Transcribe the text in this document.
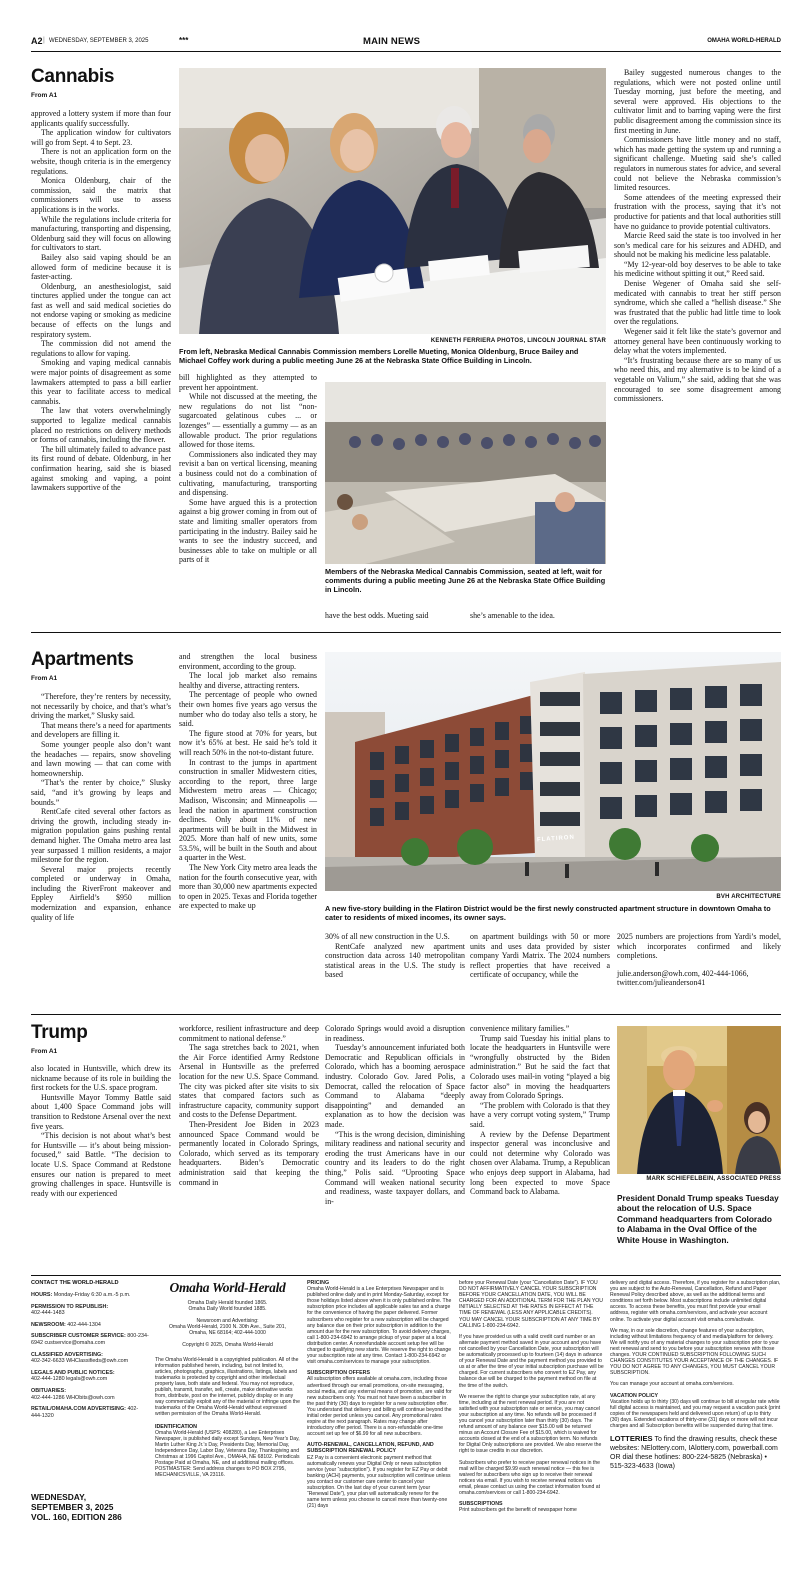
A2 | WEDNESDAY, SEPTEMBER 3, 2025	***	MAIN NEWS	OMAHA WORLD-HERALD
Cannabis
From A1

approved a lottery system if more than four applicants qualify successfully.

The application window for cultivators will go from Sept. 4 to Sept. 23.

There is not an application form on the website, though criteria is in the emergency regulations.

Monica Oldenburg, chair of the commission, said the matrix that commissioners will use to assess applications is in the works.

While the regulations include criteria for manufacturing, transporting and dispensing, Oldenburg said they will focus on allowing for cultivators to start.

Bailey also said vaping should be an allowed form of medicine because it is faster-acting.

Oldenburg, an anesthesiologist, said tinctures applied under the tongue can act fast as well and said medical societies do not endorse vaping or smoking as medicine because of effects on the lungs and respiratory system.

The commission did not amend the regulations to allow for vaping.

Smoking and vaping medical cannabis were major points of disagreement as some lawmakers attempted to pass a bill earlier this year to facilitate access to medical cannabis.

The law that voters overwhelmingly supported to legalize medical cannabis placed no restrictions on delivery methods or forms of cannabis, including the flower.

The bill ultimately failed to advance past its first round of debate. Oldenburg, in her confirmation hearing, said she is biased against smoking and vaping, a point lawmakers supportive of the

KENNETH FERRIERA PHOTOS, LINCOLN JOURNAL STAR
From left, Nebraska Medical Cannabis Commission members Lorelle Mueting, Monica Oldenburg, Bruce Bailey and Michael Coffey work during a public meeting June 26 at the Nebraska State Office Building in Lincoln.

bill highlighted as they attempted to prevent her appointment.

While not discussed at the meeting, the new regulations do not list “non-sugarcoated gelatinous cubes ... or lozenges” — essentially a gummy — as an allowable product. The prior regulations allowed for those items.

Commissioners also indicated they may revisit a ban on vertical licensing, meaning a business could not do a combination of cultivating, manufacturing, transporting and dispensing.

Some have argued this is a protection against a big grower coming in from out of state and limiting smaller operators from participating in the industry. Bailey said he wants to see the industry succeed, and businesses able to take on multiple or all parts of it

Members of the Nebraska Medical Cannabis Commission, seated at left, wait for comments during a public meeting June 26 at the Nebraska State Office Building in Lincoln.
have the best odds. Mueting said	she’s amenable to the idea.

Bailey suggested numerous changes to the regulations, which were not posted online until Tuesday morning, just before the meeting, and several were approved. His objections to the cultivator limit and to barring vaping were the first public disagreement among the commission since its first meeting in June.

Commissioners have little money and no staff, which has made getting the system up and running a significant challenge. Mueting said she’s called regulators in numerous states for advice, and several could not believe the Nebraska commission’s limited resources.

Some attendees of the meeting expressed their frustration with the process, saying that it’s not productive for patients and that local authorities still have no guidance to provide potential cultivators.

Marcie Reed said the state is too involved in her son’s medical care for his seizures and ADHD, and should not be making his medicine less palatable.

“My 12-year-old boy deserves to be able to take his medicine without spitting it out,” Reed said.

Denise Wegener of Omaha said she self-medicated with cannabis to treat her stiff person syndrome, which she called a “hellish disease.” She was frustrated that the public had little time to look over the regulations.

Wegener said it felt like the state’s governor and attorney general have been continuously working to delay what the voters implemented.

“It’s frustrating because there are so many of us who need this, and my alternative is to be kind of a vegetable on Valium,” she said, adding that she was encouraged to see some disagreement among commissioners.

Apartments
From A1

“Therefore, they’re renters by necessity, not necessarily by choice, and that’s what’s driving the market,” Slusky said.

That means there’s a need for apartments and developers are filling it.

Some younger people also don’t want the headaches — repairs, snow shoveling and lawn mowing — that can come with homeownership.

“That’s the renter by choice,” Slusky said, “and it’s growing by leaps and bounds.”

RentCafe cited several other factors as driving the growth, including steady in-migration population gains pushing rental demand higher. The Omaha metro area last year surpassed 1 million residents, a major milestone for the region.

Several major projects recently completed or underway in Omaha, including the RiverFront makeover and Eppley Airfield’s $950 million modernization and expansion, enhance quality of life

and strengthen the local business environment, according to the group.

The local job market also remains healthy and diverse, attracting renters.

The percentage of people who owned their own homes five years ago versus the number who do today also tells a story, he said.

The figure stood at 70% for years, but now it’s 65% at best. He said he’s told it will reach 50% in the not-to-distant future.

In contrast to the jumps in apartment construction in smaller Midwestern cities, according to the report, three large Midwestern metro areas — Chicago; Madison, Wisconsin; and Minneapolis — lead the nation in apartment construction declines. Only about 11% of new apartments will be built in the Midwest in 2025. More than half of new units, some 53.5%, will be built in the South and about a quarter in the West.

The New York City metro area leads the nation for the fourth consecutive year, with more than 30,000 new apartments expected to open in 2025. Texas and Florida together are expected to make up

FLATIRON
BVH ARCHITECTURE
A new five-story building in the Flatiron District would be the first newly constructed apartment structure in downtown Omaha to cater to residents of mixed incomes, its owner says.

30% of all new construction in the U.S.

RentCafe analyzed new apartment construction data across 140 metropolitan statistical areas in the U.S. The study is based

on apartment buildings with 50 or more units and uses data provided by sister company Yardi Matrix. The 2024 numbers reflect properties that have received a certificate of occupancy, while the

2025 numbers are projections from Yardi’s model, which incorporates confirmed and likely completions.

julie.anderson@owh.com, 402-444-1066, twitter.com/julieanderson41

Trump
From A1

also located in Huntsville, which drew its nickname because of its role in building the first rockets for the U.S. space program.

Huntsville Mayor Tommy Battle said about 1,400 Space Command jobs will transition to Redstone Arsenal over the next five years.

“This decision is not about what’s best for Huntsville — it’s about being mission-focused,” said Battle. “The decision to locate U.S. Space Command at Redstone ensures our nation is prepared to meet growing challenges in space. Huntsville is ready with our experienced

workforce, resilient infrastructure and deep commitment to national defense.”

The saga stretches back to 2021, when the Air Force identified Army Redstone Arsenal in Huntsville as the preferred location for the new U.S. Space Command. The city was picked after site visits to six states that compared factors such as infrastructure capacity, community support and costs to the Defense Department.

Then-President Joe Biden in 2023 announced Space Command would be permanently located in Colorado Springs, Colorado, which served as its temporary headquarters. Biden’s Democratic administration said that keeping the command in

Colorado Springs would avoid a disruption in readiness.

Tuesday’s announcement infuriated both Democratic and Republican officials in Colorado, which has a booming aerospace industry. Colorado Gov. Jared Polis, a Democrat, called the relocation of Space Command to Alabama “deeply disappointing” and demanded an explanation as to how the decision was made.

“This is the wrong decision, diminishing military readiness and national security and eroding the trust Americans have in our country and its leaders to do the right thing,” Polis said. “Uprooting Space Command will weaken national security and readiness, waste taxpayer dollars, and in-

convenience military families.”

Trump said Tuesday his initial plans to locate the headquarters in Huntsville were “wrongfully obstructed by the Biden administration.” But he said the fact that Colorado uses mail-in voting “played a big factor also” in moving the headquarters away from Colorado Springs.

“The problem with Colorado is that they have a very corrupt voting system,” Trump said.

A review by the Defense Department inspector general was inconclusive and could not determine why Colorado was chosen over Alabama. Trump, a Republican who enjoys deep support in Alabama, had long been expected to move Space Command back to Alabama.

MARK SCHIEFELBEIN, ASSOCIATED PRESS
President Donald Trump speaks Tuesday about the relocation of U.S. Space Command headquarters from Colorado to Alabama in the Oval Office of the White House in Washington.
CONTACT THE WORLD-HERALD

HOURS: Monday-Friday 6:30 a.m.-5 p.m.

PERMISSION TO REPUBLISH:
402-444-1483

NEWSROOM: 402-444-1304

SUBSCRIBER CUSTOMER SERVICE: 800-234-6942 custservice@omaha.com

CLASSIFIED ADVERTISING:
402-342-6633 WHClassifieds@owh.com

LEGALS AND PUBLIC NOTICES:
402-444-1280 legals@owh.com

OBITUARIES:
402-444-1286 WHObits@owh.com

RETAIL/OMAHA.COM ADVERTISING: 402-444-1320

WEDNESDAY,
SEPTEMBER 3, 2025
VOL. 160, EDITION 286
Omaha World-Herald
Omaha Daily Herald founded 1865.
Omaha Daily World founded 1885.
Newsroom and Advertising:
Omaha World-Herald, 2100 N. 30th Ave., Suite 201,
Omaha, NE 68164; 402-444-1000
Copyright © 2025, Omaha World-Herald
The Omaha World-Herald is a copyrighted publication. All of the information published herein, including, but not limited to, articles, photographs, graphics, illustrations, listings, labels and trademarks is protected by copyright and other intellectual property laws, both state and federal. You may not reproduce, publish, transmit, transfer, sell, create, make derivative works from, distribute, post on the internet, publicly display or in any way commercially exploit any of the material or infringe upon the trademarks of the Omaha World-Herald without expressed written permission of the Omaha World-Herald.
IDENTIFICATION
Omaha World-Herald (USPS: 408280), a Lee Enterprises Newspaper, is published daily except Sundays, New Year’s Day, Martin Luther King Jr.’s Day, Presidents Day, Memorial Day, Independence Day, Labor Day, Veterans Day, Thanksgiving and Christmas at 1996 Capitol Ave., OMAHA, NE 68102. Periodicals Postage Paid at Omaha, NE, and at additional mailing offices. POSTMASTER: Send address changes to PO BOX 2795, MECHANICSVILLE, VA 23116.
PRICING

Omaha World-Herald is a Lee Enterprises Newspaper and is published online daily and in print Monday-Saturday, except for those holidays listed above when it is only published online. The subscription price includes all applicable sales tax and a charge for the convenience of having the paper delivered. Former subscribers who register for a new subscription will be charged any balance due on their prior subscription in addition to the amount due for the new subscription. To avoid delivery charges, call 1-800-234-6942 to arrange pickup of your paper at a local distribution center. A nonrefundable account setup fee will be charged to qualifying new starts. We reserve the right to change your subscription rate at any time. Contact 1-800-234-6942 or visit omaha.com/services to manage your subscription.

SUBSCRIPTION OFFERS

All subscription offers available at omaha.com, including those advertised through our email promotions, on-site messaging, social media, and any external means of promotion, are valid for new subscribers only. You must not have been a subscriber in the past thirty (30) days to register for a new subscription offer. You understand that delivery and billing will continue beyond the initial order period unless you cancel. Any promotional rates expire at the next paragraph. Rates may change after introductory offer period. There is a non-refundable one-time account set up fee of $6.99 for all new subscribers.

AUTO-RENEWAL, CANCELLATION, REFUND, AND SUBSCRIPTION RENEWAL POLICY

EZ Pay is a convenient electronic payment method that automatically renews your Digital Only or news subscription service (your “subscription”). If you register for EZ Pay or debit banking (ACH) payments, your subscription will continue unless you contact our customer care center to cancel your subscription. On the last day of your current term (your “Renewal Date”), your plan will automatically renew for the same term unless you choose to cancel more than twenty-one (21) days

before your Renewal Date (your “Cancellation Date”). IF YOU DO NOT AFFIRMATIVELY CANCEL YOUR SUBSCRIPTION BEFORE YOUR CANCELLATION DATE, YOU WILL BE CHARGED FOR AN ADDITIONAL TERM FOR THE PLAN YOU INITIALLY SELECTED AT THE RATES IN EFFECT AT THE TIME OF RENEWAL (LESS ANY APPLICABLE CREDITS). YOU MAY CANCEL YOUR SUBSCRIPTION AT ANY TIME BY CALLING 1-800-234-6942.

If you have provided us with a valid credit card number or an alternate payment method saved in your account and you have not cancelled by your Cancellation Date, your subscription will be automatically processed up to fourteen (14) days in advance of your Renewal Date and the payment method you provided to us at or after the time of your initial subscription purchase will be charged. For current subscribers who convert to EZ Pay, any balance due will be charged to the payment method on file at the time of the switch.

We reserve the right to change your subscription rate, at any time, including at the next renewal period. If you are not satisfied with your subscription rate or service, you may cancel your subscription at any time. No refunds will be processed if you cancel your subscription later than thirty (30) days. The refund amount of any balance over $15.00 will be returned minus an Account Closure Fee of $15.00, which is waived for accounts closed at the end of a subscription term. No refunds for Digital Only subscriptions are provided. We also reserve the right to issue credits in our discretion.

Subscribers who prefer to receive paper renewal notices in the mail will be charged $9.99 each renewal notice — this fee is waived for subscribers who sign up to receive their renewal notices via email. If you wish to receive renewal notices via email, please contact us using the contact information found at omaha.com/services or call 1-800-234-6942.

SUBSCRIPTIONS

Print subscribers get the benefit of newspaper home

delivery and digital access. Therefore, if you register for a subscription plan, you are subject to the Auto-Renewal, Cancellation, Refund and Paper Renewal Policy described above, as well as the additional terms and conditions set forth below. Most subscriptions include unlimited digital access. To access these benefits, you must first provide your email address, register with omaha.com/services, and activate your account online. To activate your digital account visit omaha.com/activate.

We may, in our sole discretion, change features of your subscription, including without limitations frequency of and media/platform for delivery. We will notify you of any material changes to your subscription prior to your next renewal and send to you before your subscription renews with those changes. YOUR CONTINUED SUBSCRIPTION FOLLOWING SUCH CHANGES CONSTITUTES YOUR ACCEPTANCE OF THE CHANGES. IF YOU DO NOT AGREE TO ANY CHANGES, YOU MUST CANCEL YOUR SUBSCRIPTION.

You can manage your account at omaha.com/services.

VACATION POLICY

Vacation holds up to thirty (30) days will continue to bill at regular rate while full digital access is maintained, and you may request a vacation pack (print copies of the newspapers held and delivered upon return) of up to thirty (30) days. Extended vacations of thirty-one (31) days or more will not incur charges and all Subscription benefits will be suspended during that time.

LOTTERIES To find the drawing results, check these websites: NElottery.com, IAlottery.com, powerball.com OR dial these hotlines: 800-224-5825 (Nebraska) • 515-323-4633 (Iowa)
